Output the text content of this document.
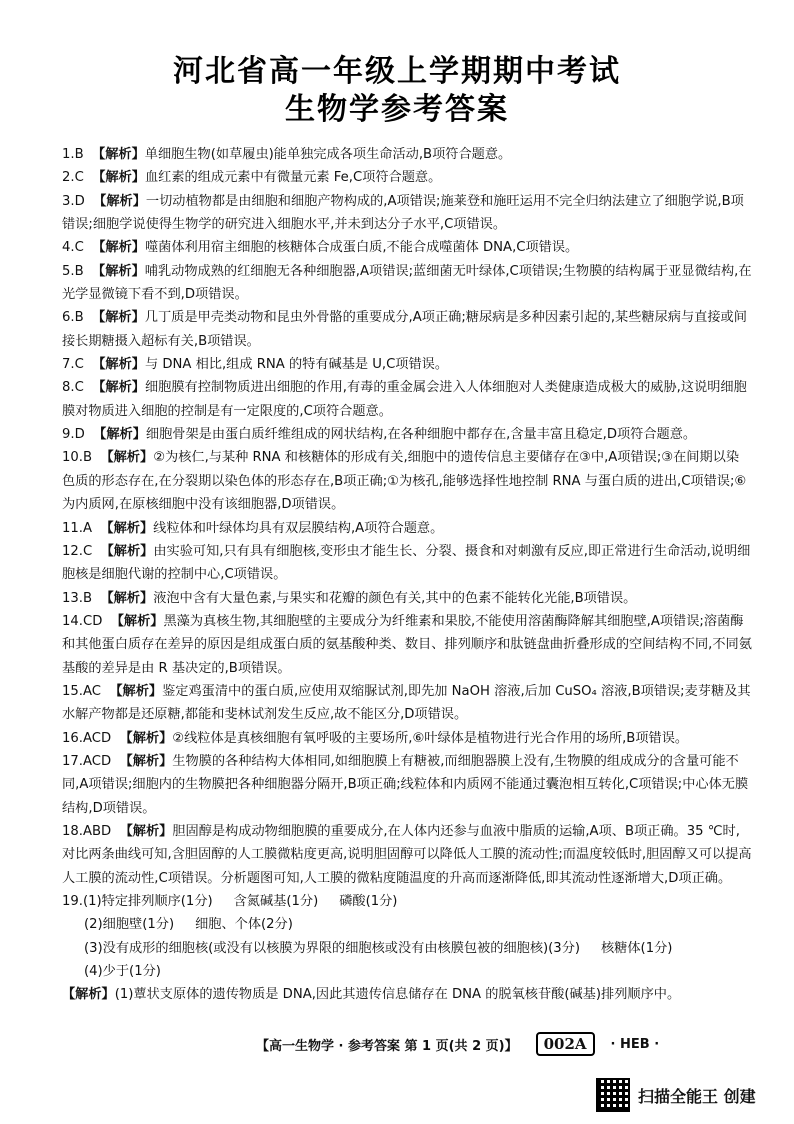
河北省高一年级上学期期中考试
生物学参考答案

1.B 【解析】单细胞生物(如草履虫)能单独完成各项生命活动,B项符合题意。

2.C 【解析】血红素的组成元素中有微量元素 Fe,C项符合题意。

3.D 【解析】一切动植物都是由细胞和细胞产物构成的,A项错误;施莱登和施旺运用不完全归纳法建立了细胞学说,B项错误;细胞学说使得生物学的研究进入细胞水平,并未到达分子水平,C项错误。

4.C 【解析】噬菌体利用宿主细胞的核糖体合成蛋白质,不能合成噬菌体 DNA,C项错误。

5.B 【解析】哺乳动物成熟的红细胞无各种细胞器,A项错误;蓝细菌无叶绿体,C项错误;生物膜的结构属于亚显微结构,在光学显微镜下看不到,D项错误。

6.B 【解析】几丁质是甲壳类动物和昆虫外骨骼的重要成分,A项正确;糖尿病是多种因素引起的,某些糖尿病与直接或间接长期糖摄入超标有关,B项错误。

7.C 【解析】与 DNA 相比,组成 RNA 的特有碱基是 U,C项错误。

8.C 【解析】细胞膜有控制物质进出细胞的作用,有毒的重金属会进入人体细胞对人类健康造成极大的威胁,这说明细胞膜对物质进入细胞的控制是有一定限度的,C项符合题意。

9.D 【解析】细胞骨架是由蛋白质纤维组成的网状结构,在各种细胞中都存在,含量丰富且稳定,D项符合题意。

10.B 【解析】②为核仁,与某种 RNA 和核糖体的形成有关,细胞中的遗传信息主要储存在③中,A项错误;③在间期以染色质的形态存在,在分裂期以染色体的形态存在,B项正确;①为核孔,能够选择性地控制 RNA 与蛋白质的进出,C项错误;⑥为内质网,在原核细胞中没有该细胞器,D项错误。

11.A 【解析】线粒体和叶绿体均具有双层膜结构,A项符合题意。

12.C 【解析】由实验可知,只有具有细胞核,变形虫才能生长、分裂、摄食和对刺激有反应,即正常进行生命活动,说明细胞核是细胞代谢的控制中心,C项错误。

13.B 【解析】液泡中含有大量色素,与果实和花瓣的颜色有关,其中的色素不能转化光能,B项错误。

14.CD 【解析】黑藻为真核生物,其细胞壁的主要成分为纤维素和果胶,不能使用溶菌酶降解其细胞壁,A项错误;溶菌酶和其他蛋白质存在差异的原因是组成蛋白质的氨基酸种类、数目、排列顺序和肽链盘曲折叠形成的空间结构不同,不同氨基酸的差异是由 R 基决定的,B项错误。

15.AC 【解析】鉴定鸡蛋清中的蛋白质,应使用双缩脲试剂,即先加 NaOH 溶液,后加 CuSO₄ 溶液,B项错误;麦芽糖及其水解产物都是还原糖,都能和斐林试剂发生反应,故不能区分,D项错误。

16.ACD 【解析】②线粒体是真核细胞有氧呼吸的主要场所,⑥叶绿体是植物进行光合作用的场所,B项错误。

17.ACD 【解析】生物膜的各种结构大体相同,如细胞膜上有糖被,而细胞器膜上没有,生物膜的组成成分的含量可能不同,A项错误;细胞内的生物膜把各种细胞器分隔开,B项正确;线粒体和内质网不能通过囊泡相互转化,C项错误;中心体无膜结构,D项错误。

18.ABD 【解析】胆固醇是构成动物细胞膜的重要成分,在人体内还参与血液中脂质的运输,A项、B项正确。35 ℃时,对比两条曲线可知,含胆固醇的人工膜微粘度更高,说明胆固醇可以降低人工膜的流动性;而温度较低时,胆固醇又可以提高人工膜的流动性,C项错误。分析题图可知,人工膜的微粘度随温度的升高而逐渐降低,即其流动性逐渐增大,D项正确。

19.(1)特定排列顺序(1分)     含氮碱基(1分)     磷酸(1分)

(2)细胞壁(1分)     细胞、个体(2分)

(3)没有成形的细胞核(或没有以核膜为界限的细胞核或没有由核膜包被的细胞核)(3分)     核糖体(1分)

(4)少于(1分)

【解析】(1)蕈状支原体的遗传物质是 DNA,因此其遗传信息储存在 DNA 的脱氧核苷酸(碱基)排列顺序中。

【高一生物学 · 参考答案 第 1 页(共 2 页)】	002A	· HEB ·
扫描全能王 创建
